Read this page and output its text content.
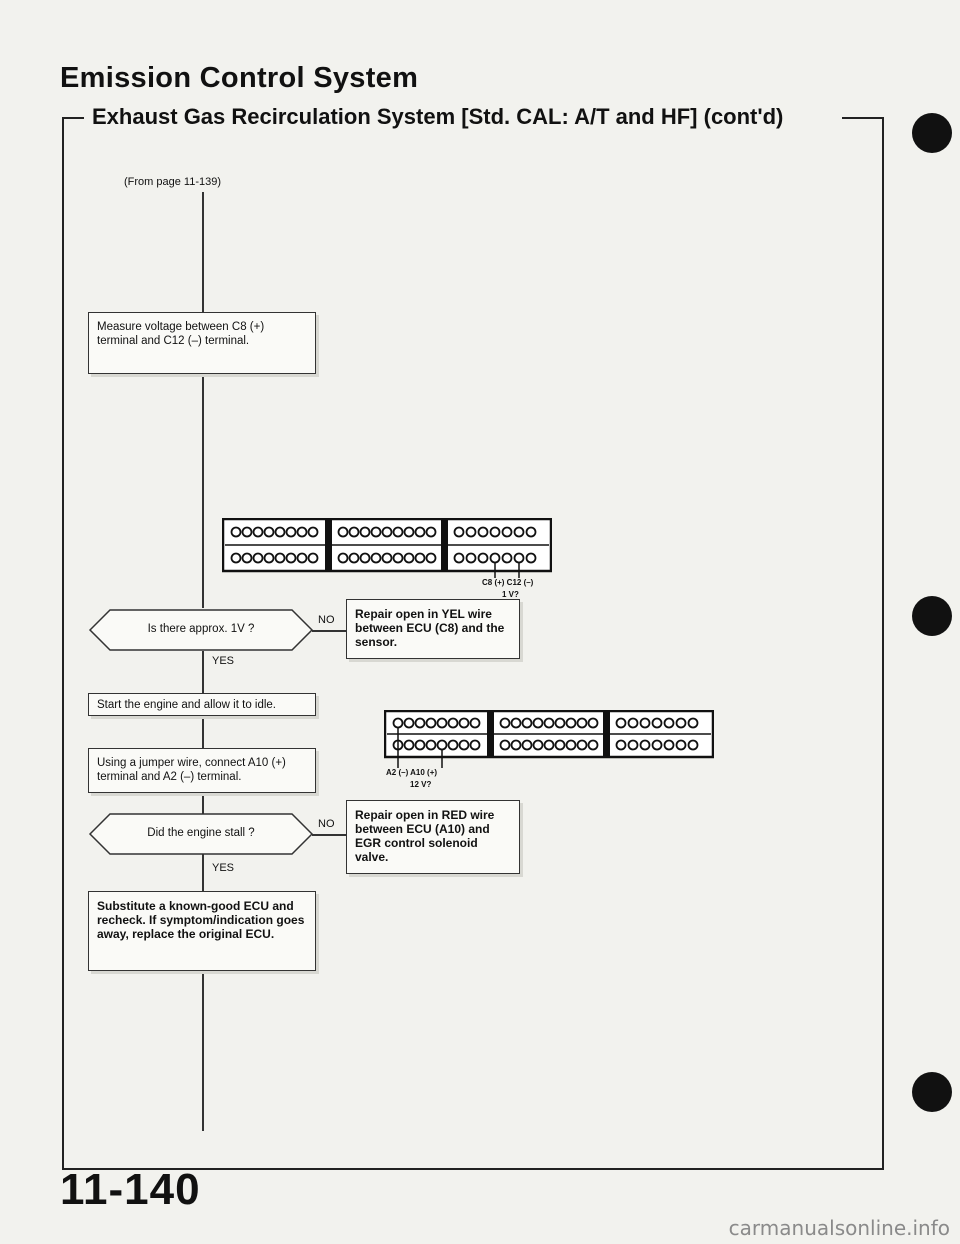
Emission Control System
Exhaust Gas Recirculation System [Std. CAL: A/T and HF] (cont'd)
(From page 11-139)
Measure voltage between C8 (+) terminal and C12 (–) terminal.
C8 (+) C12 (–)
1 V?
Is there approx. 1V ?
NO
YES
Repair open in YEL wire between ECU (C8) and the sensor.
Start the engine and allow it to idle.
A2 (–) A10 (+)
12 V?
Using a jumper wire, connect A10 (+) terminal and A2 (–) terminal.
Did the engine stall ?
NO
YES
Repair open in RED wire between ECU (A10) and EGR control solenoid valve.
Substitute a known-good ECU and recheck. If symptom/indication goes away, replace the original ECU.
11-140
carmanualsonline.info
